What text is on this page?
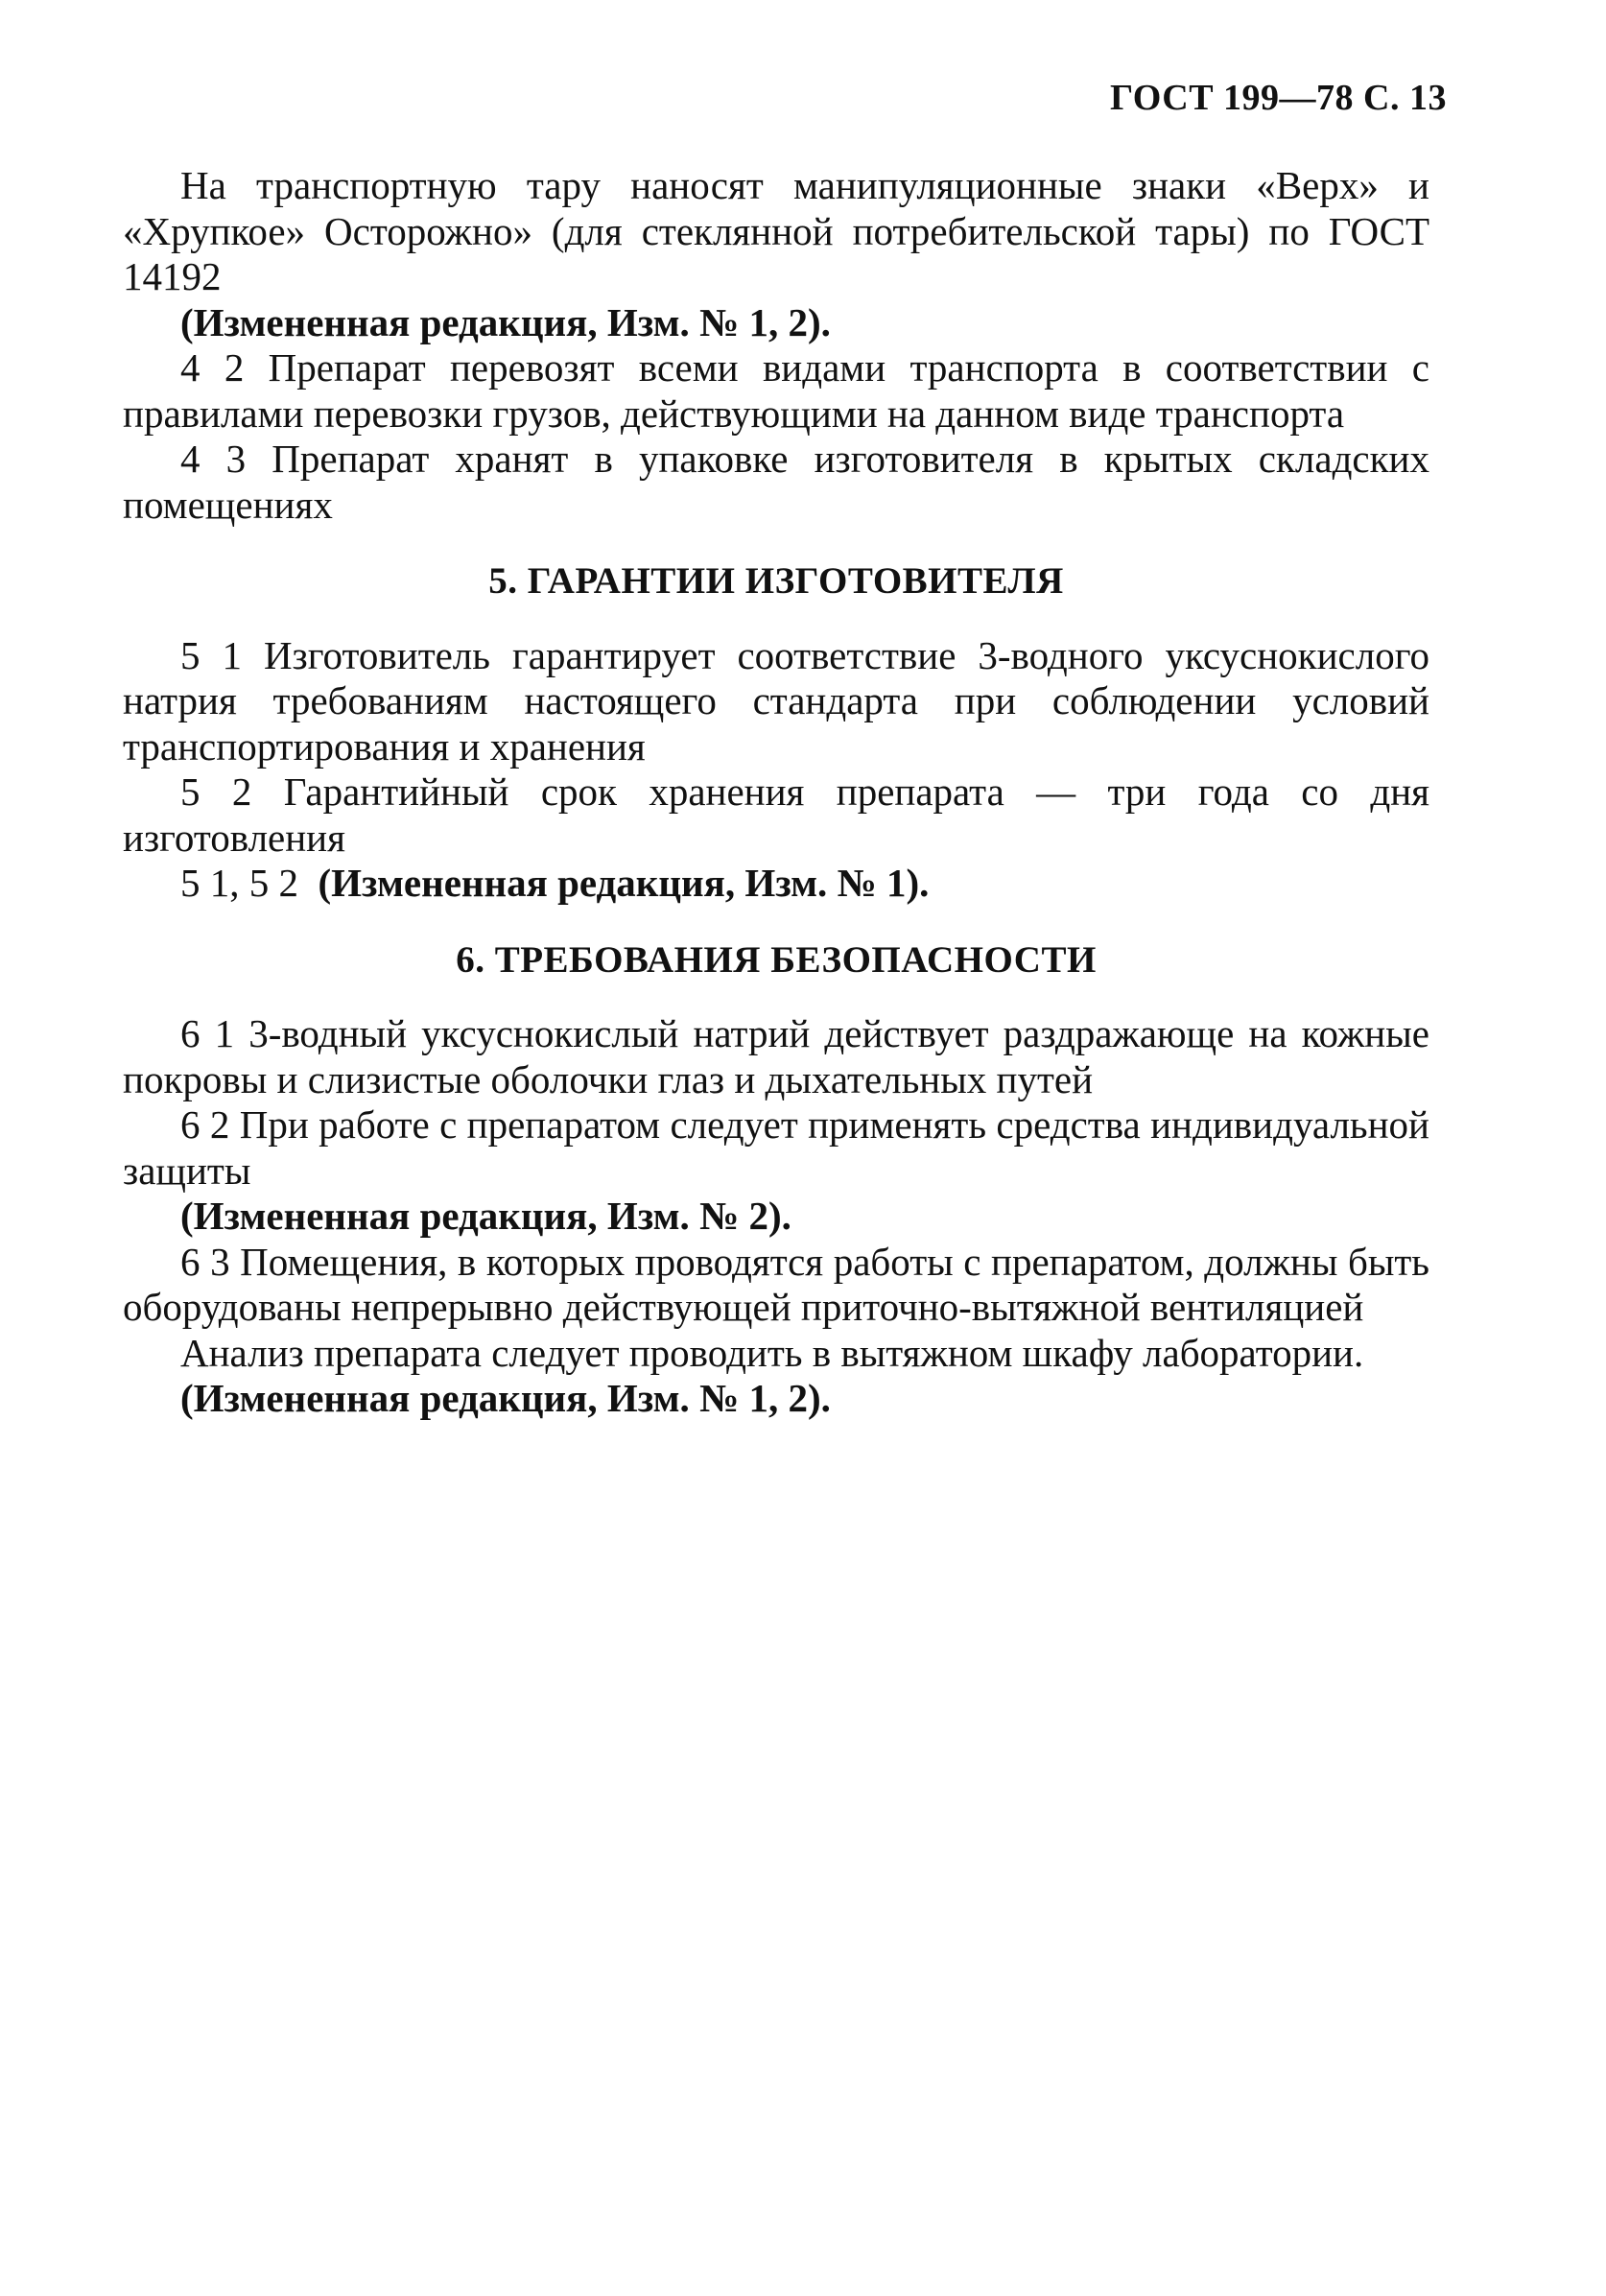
ГОСТ 199—78 С. 13

На транспортную тару наносят манипуляционные знаки «Верх» и «Хрупкое» Осторожно» (для стеклянной потребительской тары) по ГОСТ 14192

(Измененная редакция, Изм. № 1, 2).

4 2 Препарат перевозят всеми видами транспорта в соответствии с правилами перевозки грузов, действующими на данном виде транспорта

4 3 Препарат хранят в упаковке изготовителя в крытых складских помещениях

5. ГАРАНТИИ ИЗГОТОВИТЕЛЯ

5 1 Изготовитель гарантирует соответствие 3-водного уксуснокислого натрия требованиям настоящего стандарта при соблюдении условий транспортирования и хранения

5 2 Гарантийный срок хранения препарата — три года со дня изготовления

5 1, 5 2 (Измененная редакция, Изм. № 1).

6. ТРЕБОВАНИЯ БЕЗОПАСНОСТИ

6 1 3-водный уксуснокислый натрий действует раздражающе на кожные покровы и слизистые оболочки глаз и дыхательных путей

6 2 При работе с препаратом следует применять средства индивидуальной защиты

(Измененная редакция, Изм. № 2).

6 3 Помещения, в которых проводятся работы с препаратом, должны быть оборудованы непрерывно действующей приточно-вытяжной вентиляцией

Анализ препарата следует проводить в вытяжном шкафу лаборатории.

(Измененная редакция, Изм. № 1, 2).
